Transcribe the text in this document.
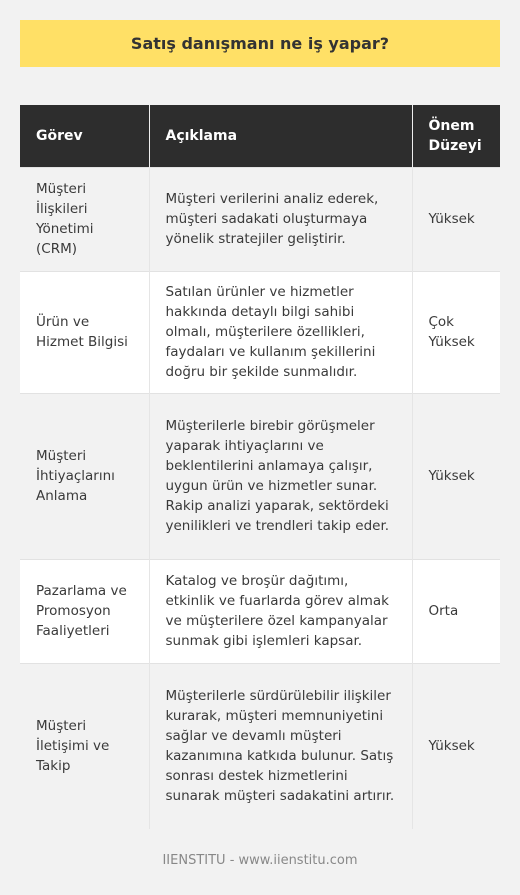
Satış danışmanı ne iş yapar?
Görev	Açıklama	Önem Düzeyi
Müşteri İlişkileri Yönetimi (CRM)	Müşteri verilerini analiz ederek, müşteri sadakati oluşturmaya yönelik stratejiler geliştirir.	Yüksek
Ürün ve Hizmet Bilgisi	Satılan ürünler ve hizmetler hakkında detaylı bilgi sahibi olmalı, müşterilere özellikleri, faydaları ve kullanım şekillerini doğru bir şekilde sunmalıdır.	Çok Yüksek
Müşteri İhtiyaçlarını Anlama	Müşterilerle birebir görüşmeler yaparak ihtiyaçlarını ve beklentilerini anlamaya çalışır, uygun ürün ve hizmetler sunar. Rakip analizi yaparak, sektördeki yenilikleri ve trendleri takip eder.	Yüksek
Pazarlama ve Promosyon Faaliyetleri	Katalog ve broşür dağıtımı, etkinlik ve fuarlarda görev almak ve müşterilere özel kampanyalar sunmak gibi işlemleri kapsar.	Orta
Müşteri İletişimi ve Takip	Müşterilerle sürdürülebilir ilişkiler kurarak, müşteri memnuniyetini sağlar ve devamlı müşteri kazanımına katkıda bulunur. Satış sonrası destek hizmetlerini sunarak müşteri sadakatini artırır.	Yüksek
IIENSTITU - www.iienstitu.com
